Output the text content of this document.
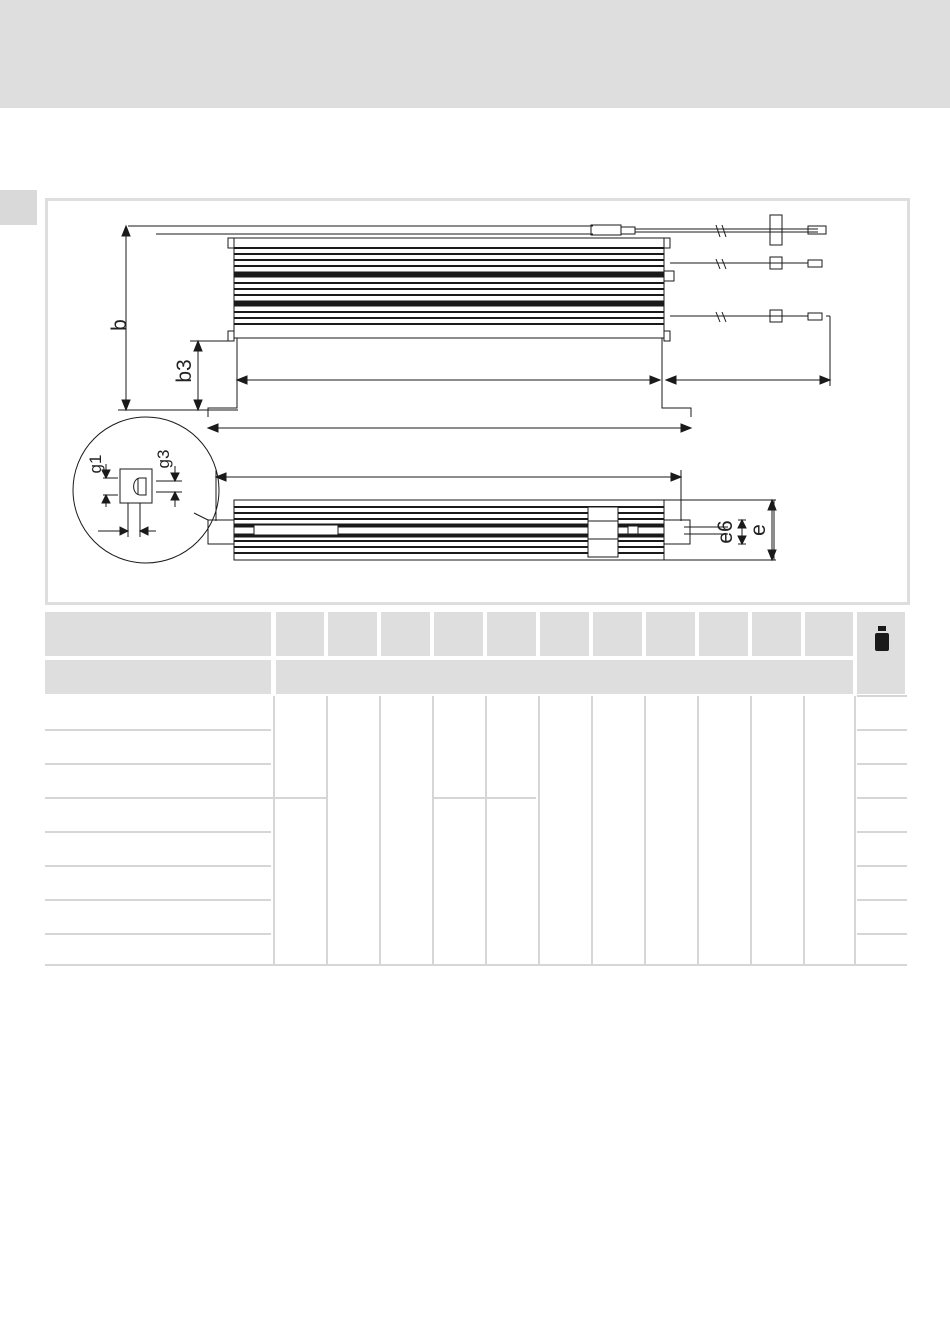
b
b3
g1	g3
e6 e
